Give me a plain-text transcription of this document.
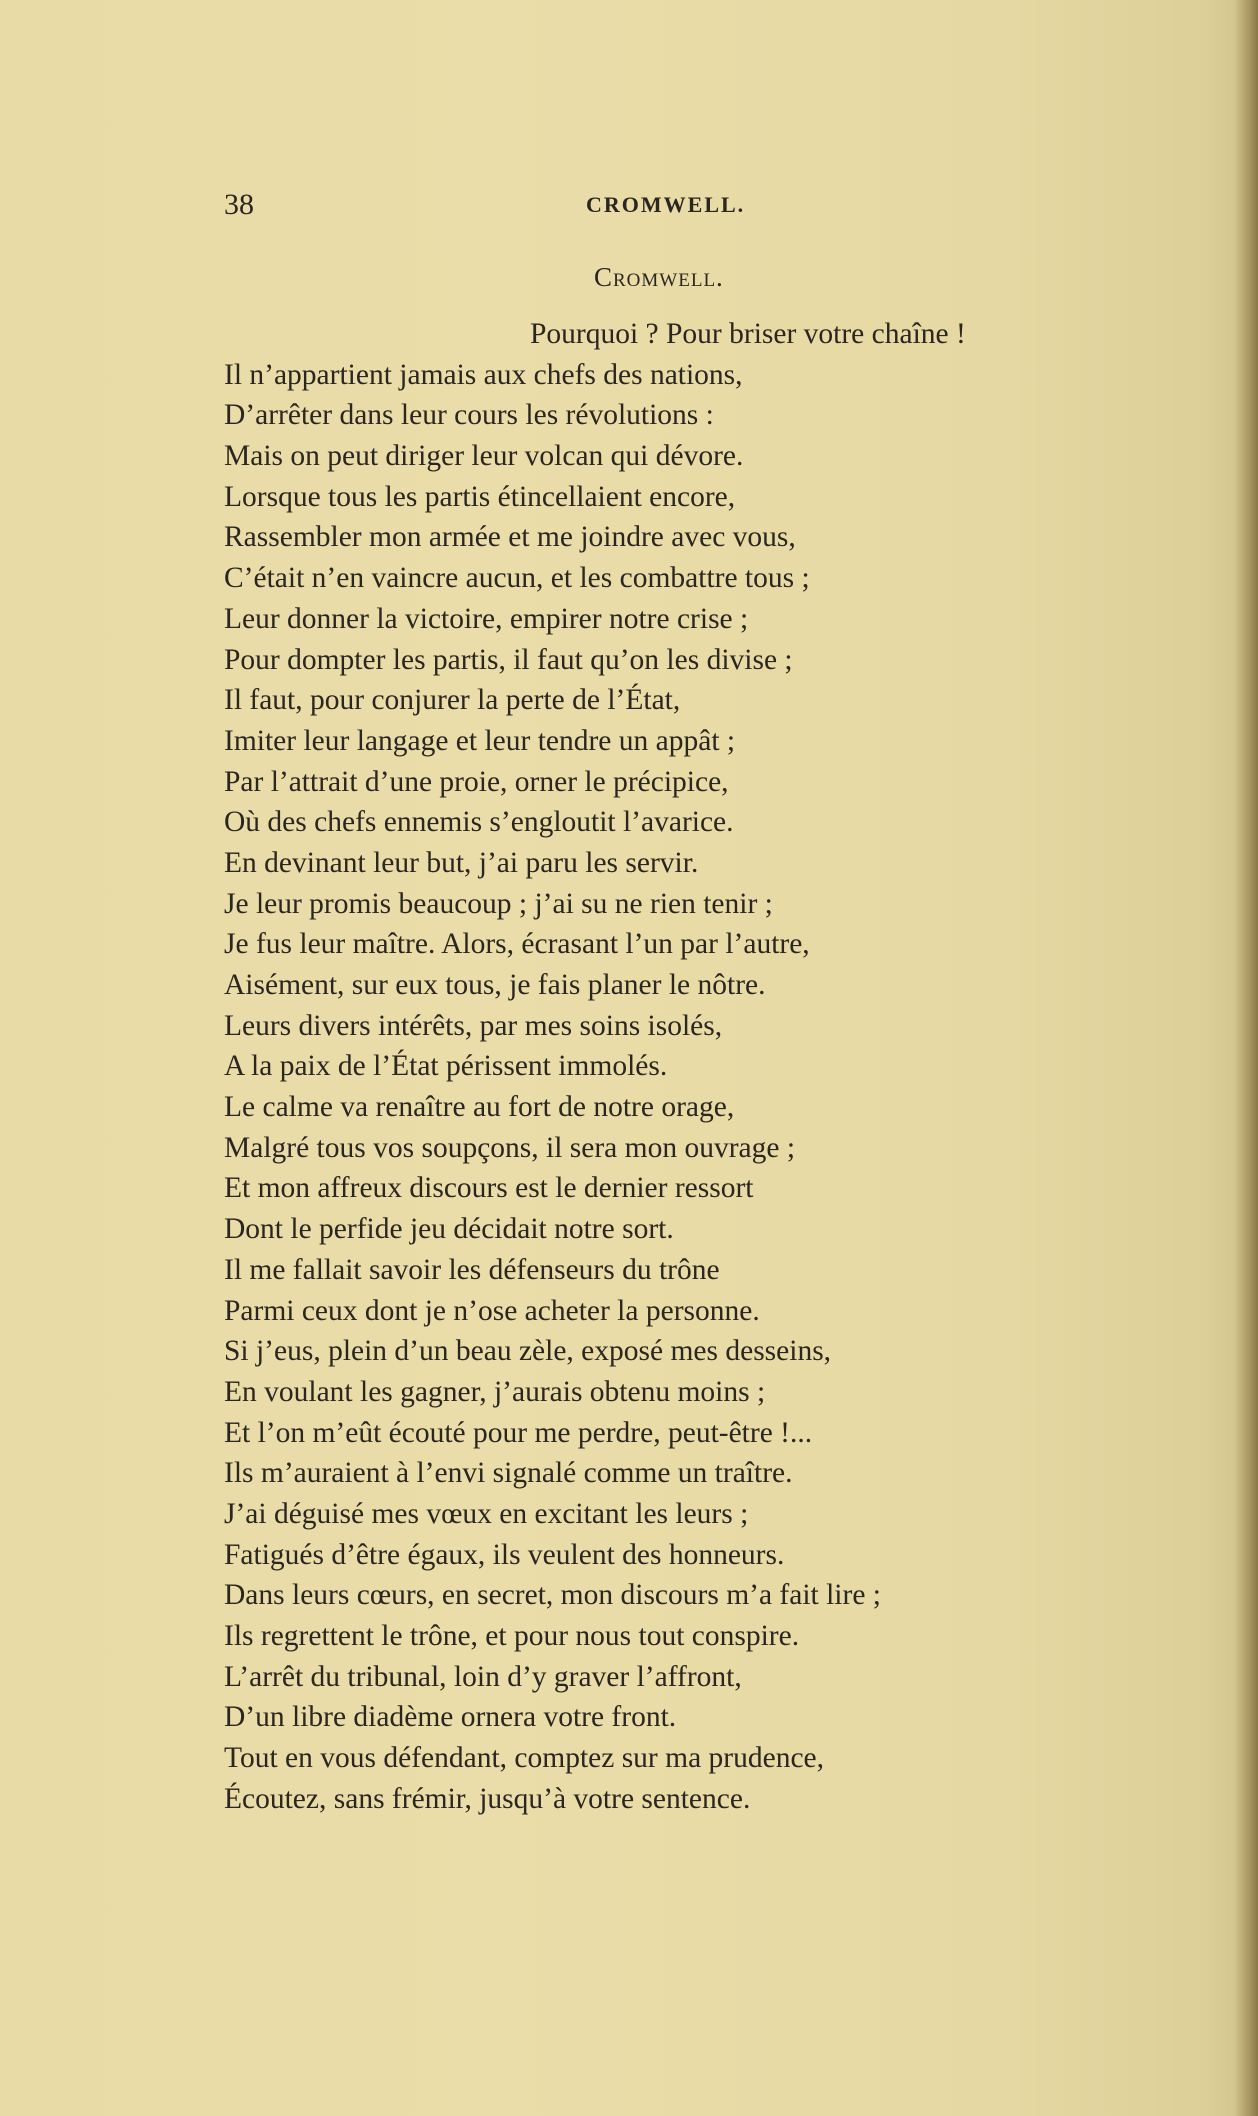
38	CROMWELL.
Cromwell.
Pourquoi ? Pour briser votre chaîne !
Il n’appartient jamais aux chefs des nations,
D’arrêter dans leur cours les révolutions :
Mais on peut diriger leur volcan qui dévore.
Lorsque tous les partis étincellaient encore,
Rassembler mon armée et me joindre avec vous,
C’était n’en vaincre aucun, et les combattre tous ;
Leur donner la victoire, empirer notre crise ;
Pour dompter les partis, il faut qu’on les divise ;
Il faut, pour conjurer la perte de l’État,
Imiter leur langage et leur tendre un appât ;
Par l’attrait d’une proie, orner le précipice,
Où des chefs ennemis s’engloutit l’avarice.
En devinant leur but, j’ai paru les servir.
Je leur promis beaucoup ; j’ai su ne rien tenir ;
Je fus leur maître. Alors, écrasant l’un par l’autre,
Aisément, sur eux tous, je fais planer le nôtre.
Leurs divers intérêts, par mes soins isolés,
A la paix de l’État périssent immolés.
Le calme va renaître au fort de notre orage,
Malgré tous vos soupçons, il sera mon ouvrage ;
Et mon affreux discours est le dernier ressort
Dont le perfide jeu décidait notre sort.
Il me fallait savoir les défenseurs du trône
Parmi ceux dont je n’ose acheter la personne.
Si j’eus, plein d’un beau zèle, exposé mes desseins,
En voulant les gagner, j’aurais obtenu moins ;
Et l’on m’eût écouté pour me perdre, peut-être !...
Ils m’auraient à l’envi signalé comme un traître.
J’ai déguisé mes vœux en excitant les leurs ;
Fatigués d’être égaux, ils veulent des honneurs.
Dans leurs cœurs, en secret, mon discours m’a fait lire ;
Ils regrettent le trône, et pour nous tout conspire.
L’arrêt du tribunal, loin d’y graver l’affront,
D’un libre diadème ornera votre front.
Tout en vous défendant, comptez sur ma prudence,
Écoutez, sans frémir, jusqu’à votre sentence.
